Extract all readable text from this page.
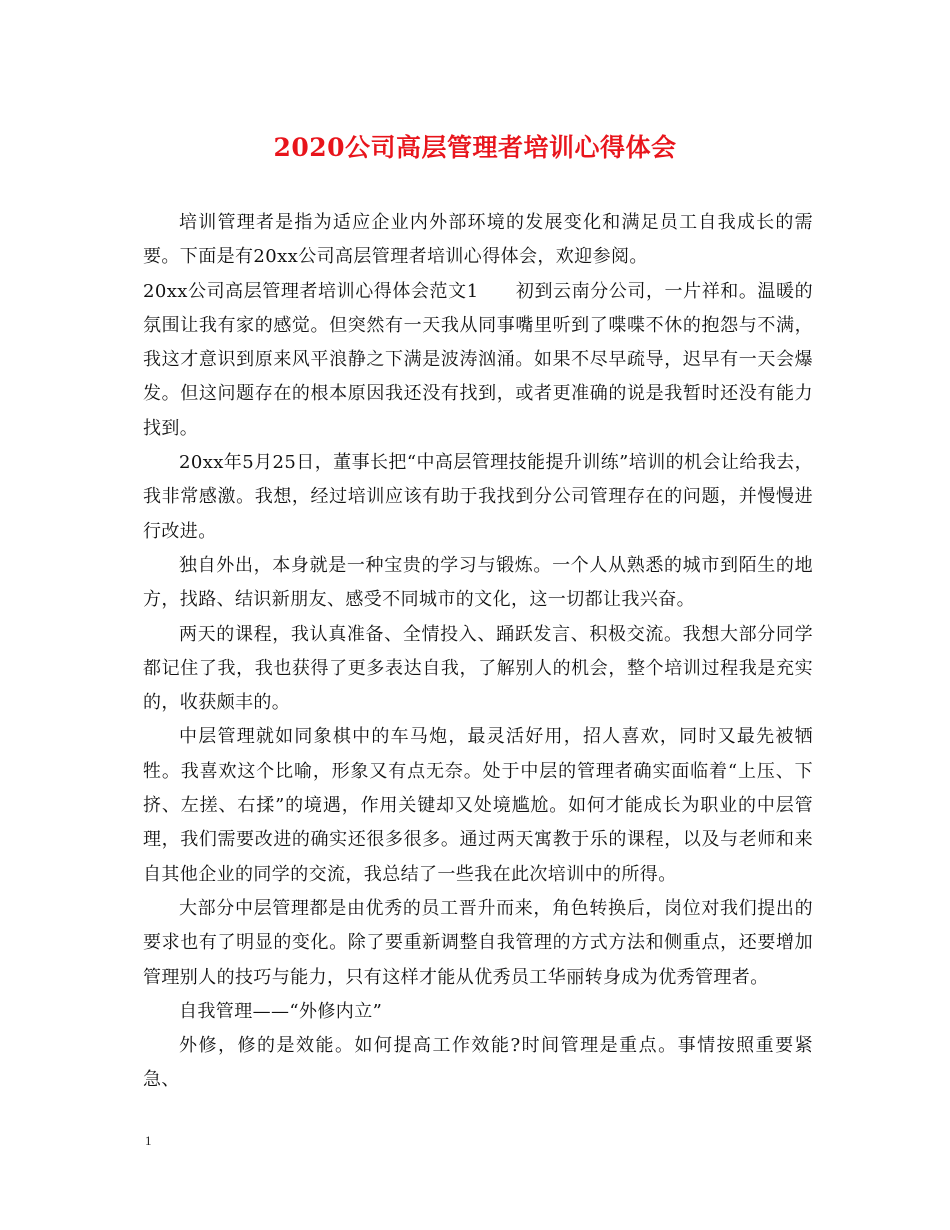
2020公司高层管理者培训心得体会

培训管理者是指为适应企业内外部环境的发展变化和满足员工自我成长的需要。下面是有20xx公司高层管理者培训心得体会，欢迎参阅。

20xx公司高层管理者培训心得体会范文1　　初到云南分公司，一片祥和。温暖的氛围让我有家的感觉。但突然有一天我从同事嘴里听到了喋喋不休的抱怨与不满，我这才意识到原来风平浪静之下满是波涛汹涌。如果不尽早疏导，迟早有一天会爆发。但这问题存在的根本原因我还没有找到，或者更准确的说是我暂时还没有能力找到。

20xx年5月25日，董事长把“中高层管理技能提升训练”培训的机会让给我去，我非常感激。我想，经过培训应该有助于我找到分公司管理存在的问题，并慢慢进行改进。

独自外出，本身就是一种宝贵的学习与锻炼。一个人从熟悉的城市到陌生的地方，找路、结识新朋友、感受不同城市的文化，这一切都让我兴奋。

两天的课程，我认真准备、全情投入、踊跃发言、积极交流。我想大部分同学都记住了我，我也获得了更多表达自我，了解别人的机会，整个培训过程我是充实的，收获颇丰的。

中层管理就如同象棋中的车马炮，最灵活好用，招人喜欢，同时又最先被牺牲。我喜欢这个比喻，形象又有点无奈。处于中层的管理者确实面临着“上压、下挤、左搓、右揉”的境遇，作用关键却又处境尴尬。如何才能成长为职业的中层管理，我们需要改进的确实还很多很多。通过两天寓教于乐的课程，以及与老师和来自其他企业的同学的交流，我总结了一些我在此次培训中的所得。

大部分中层管理都是由优秀的员工晋升而来，角色转换后，岗位对我们提出的要求也有了明显的变化。除了要重新调整自我管理的方式方法和侧重点，还要增加管理别人的技巧与能力，只有这样才能从优秀员工华丽转身成为优秀管理者。

自我管理——“外修内立”

外修，修的是效能。如何提高工作效能?时间管理是重点。事情按照重要紧急、

1
